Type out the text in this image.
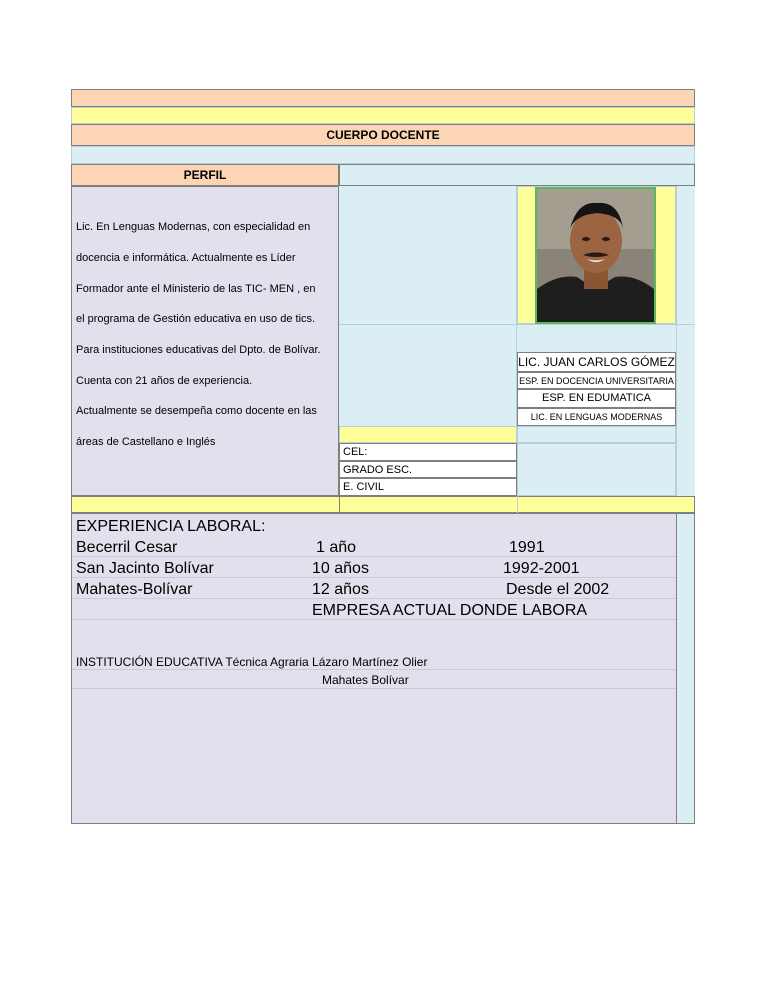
CUERPO DOCENTE
PERFIL
Lic. En Lenguas Modernas, con especialidad en
docencia e informática. Actualmente es Líder
Formador ante el Ministerio de las TIC- MEN , en
el programa de Gestión educativa en uso de tics.
Para instituciones educativas del Dpto. de Bolívar.
Cuenta con 21 años de experiencia.
Actualmente se desempeña como docente en las
áreas de Castellano e Inglés
LIC. JUAN CARLOS GÓMEZ
ESP. EN DOCENCIA UNIVERSITARIA
ESP. EN EDUMATICA
LIC. EN LENGUAS MODERNAS
CEL:
GRADO ESC.
E. CIVIL
EXPERIENCIA LABORAL:
Becerril Cesar	1 año	1991
San Jacinto Bolívar	10 años	1992-2001
Mahates-Bolívar	12 años	Desde el 2002
EMPRESA ACTUAL DONDE LABORA
INSTITUCIÓN EDUCATIVA Técnica Agraria Lázaro Martínez Olier
Mahates Bolívar
